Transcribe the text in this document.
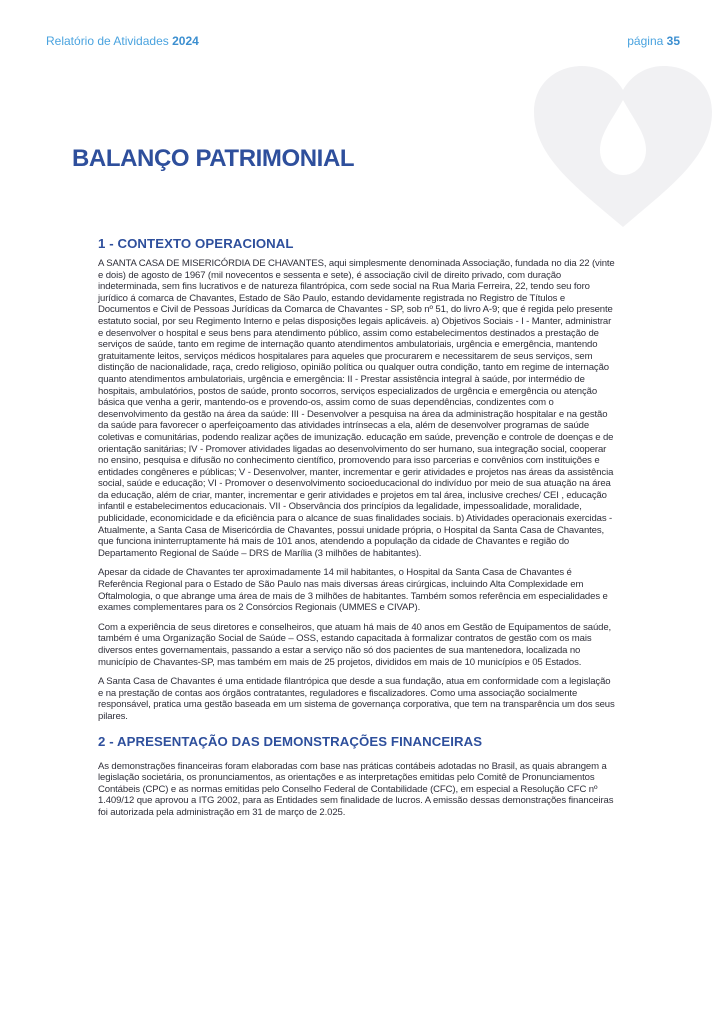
Relatório de Atividades 2024	página 35
BALANÇO PATRIMONIAL
1 - CONTEXTO OPERACIONAL

A SANTA CASA DE MISERICÓRDIA DE CHAVANTES, aqui simplesmente denominada Associação, fundada no dia 22 (vinte e dois) de agosto de 1967 (mil novecentos e sessenta e sete), é associação civil de direito privado, com duração indeterminada, sem fins lucrativos e de natureza filantrópica, com sede social na Rua Maria Ferreira, 22, tendo seu foro jurídico á comarca de Chavantes, Estado de São Paulo, estando devidamente registrada no Registro de Títulos e Documentos e Civil de Pessoas Jurídicas da Comarca de Chavantes - SP, sob nº 51, do livro A-9; que é regida pelo presente estatuto social, por seu Regimento Interno e pelas disposições legais aplicáveis. a) Objetivos Sociais - I - Manter, administrar e desenvolver o hospital e seus bens para atendimento público, assim como estabelecimentos destinados a prestação de serviços de saúde, tanto em regime de internação quanto atendimentos ambulatoriais, urgência e emergência, mantendo gratuitamente leitos, serviços médicos hospitalares para aqueles que procurarem e necessitarem de seus serviços, sem distinção de nacionalidade, raça, credo religioso, opinião política ou qualquer outra condição, tanto em regime de internação quanto atendimentos ambulatoriais, urgência e emergência: II - Prestar assistência integral à saúde, por intermédio de hospitais, ambulatórios, postos de saúde, pronto socorros, serviços especializados de urgência e emergência ou atenção básica que venha a gerir, mantendo-os e provendo-os, assim como de suas dependências, condizentes com o desenvolvimento da gestão na área da saúde: III - Desenvolver a pesquisa na área da administração hospitalar e na gestão da saúde para favorecer o aperfeiçoamento das atividades intrínsecas a ela, além de desenvolver programas de saúde coletivas e comunitárias, podendo realizar ações de imunização. educação em saúde, prevenção e controle de doenças e de orientação sanitárias; IV - Promover atividades ligadas ao desenvolvimento do ser humano, sua integração social, cooperar no ensino, pesquisa e difusão no conhecimento científico, promovendo para isso parcerias e convênios com instituições e entidades congêneres e públicas; V - Desenvolver, manter, incrementar e gerir atividades e projetos nas áreas da assistência social, saúde e educação; VI - Promover o desenvolvimento socioeducacional do indivíduo por meio de sua atuação na área da educação, além de criar, manter, incrementar e gerir atividades e projetos em tal área, inclusive creches/ CEI , educação infantil e estabelecimentos educacionais. VII - Observância dos princípios da legalidade, impessoalidade, moralidade, publicidade, economicidade e da eficiência para o alcance de suas finalidades sociais. b) Atividades operacionais exercidas - Atualmente, a Santa Casa de Misericórdia de Chavantes, possui unidade própria, o Hospital da Santa Casa de Chavantes, que funciona ininterruptamente há mais de 101 anos, atendendo a população da cidade de Chavantes e região do Departamento Regional de Saúde – DRS de Marília (3 milhões de habitantes).

Apesar da cidade de Chavantes ter aproximadamente 14 mil habitantes, o Hospital da Santa Casa de Chavantes é Referência Regional para o Estado de São Paulo nas mais diversas áreas cirúrgicas, incluindo Alta Complexidade em Oftalmologia, o que abrange uma área de mais de 3 milhões de habitantes. Também somos referência em especialidades e exames complementares para os 2 Consórcios Regionais (UMMES e CIVAP).

Com a experiência de seus diretores e conselheiros, que atuam há mais de 40 anos em Gestão de Equipamentos de saúde, também é uma Organização Social de Saúde – OSS, estando capacitada à formalizar contratos de gestão com os mais diversos entes governamentais, passando a estar a serviço não só dos pacientes de sua mantenedora, localizada no município de Chavantes-SP, mas também em mais de 25 projetos, divididos em mais de 10 municípios e 05 Estados.

A Santa Casa de Chavantes é uma entidade filantrópica que desde a sua fundação, atua em conformidade com a legislação e na prestação de contas aos órgãos contratantes, reguladores e fiscalizadores. Como uma associação socialmente responsável, pratica uma gestão baseada em um sistema de governança corporativa, que tem na transparência um dos seus pilares.

2 - APRESENTAÇÃO DAS DEMONSTRAÇÕES FINANCEIRAS

As demonstrações financeiras foram elaboradas com base nas práticas contábeis adotadas no Brasil, as quais abrangem a legislação societária, os pronunciamentos, as orientações e as interpretações emitidas pelo Comitê de Pronunciamentos Contábeis (CPC) e as normas emitidas pelo Conselho Federal de Contabilidade (CFC), em especial a Resolução CFC nº 1.409/12 que aprovou a ITG 2002, para as Entidades sem finalidade de lucros. A emissão dessas demonstrações financeiras foi autorizada pela administração em 31 de março de 2.025.
